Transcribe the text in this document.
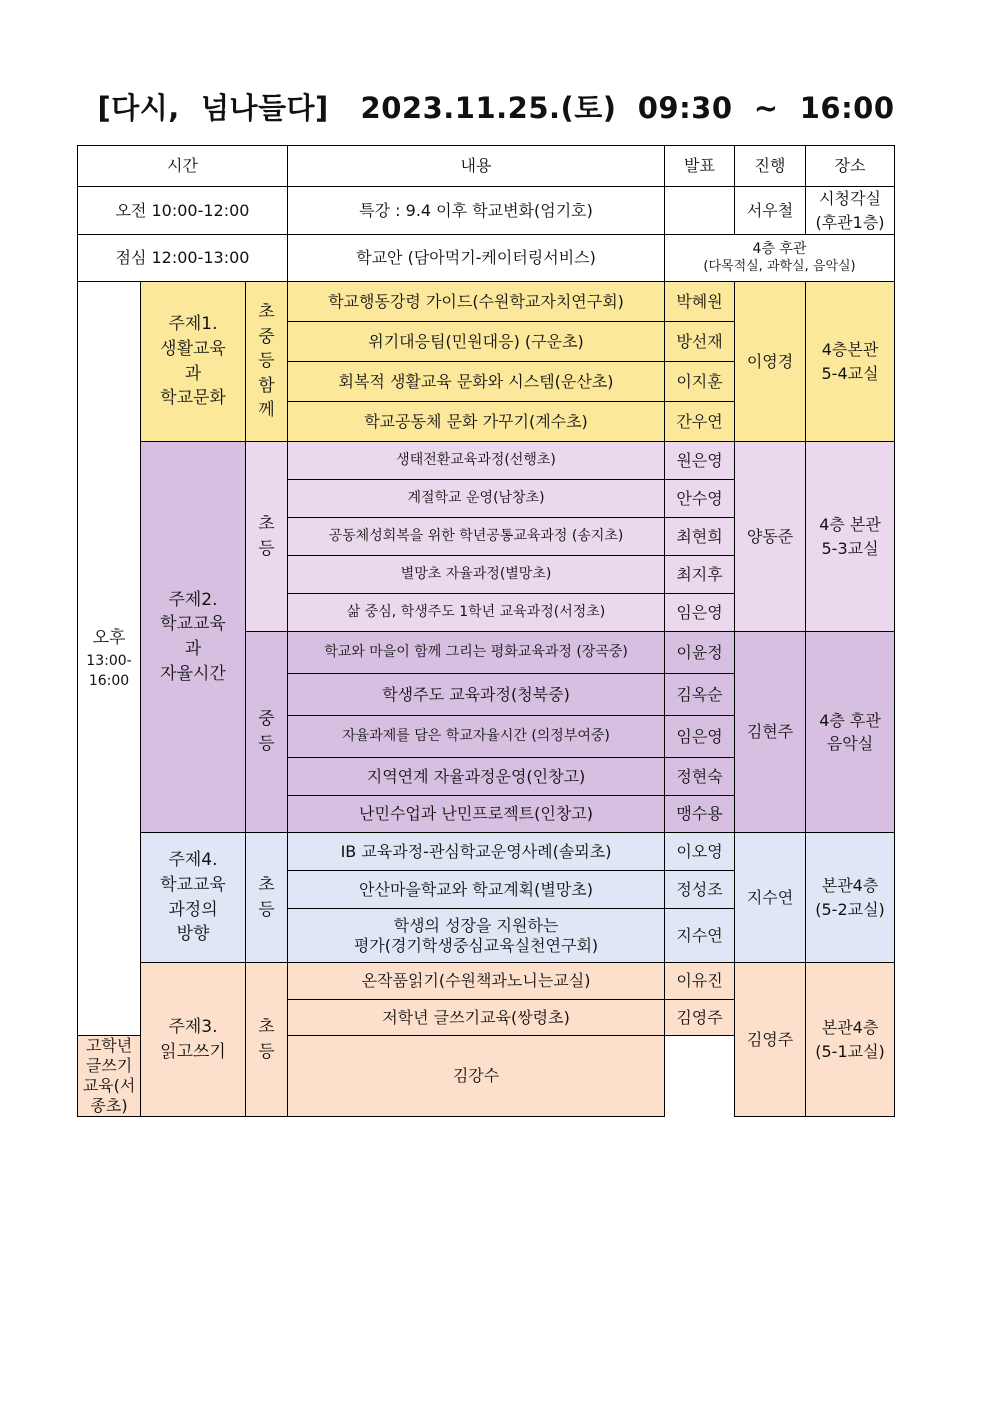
[다시,  넘나들다]   2023.11.25.(토)  09:30  ~  16:00
시간			내용	발표	진행	장소
오전 10:00-12:00			특강 : 9.4 이후 학교변화(엄기호)		서우철	시청각실
(후관1층)

점심 12:00-13:00			학교안 (담아먹기-케이터링서비스)	4층 후관
(다목적실, 과학실, 음악실)		

오후
13:00-
16:00	주제1.
생활교육
과
학교문화	초
중
등
함
께	학교행동강령 가이드(수원학교자치연구회)	박혜원	이영경	4층본관
5-4교실

			위기대응팀(민원대응) (구운초)	방선재		
			회복적 생활교육 문화와 시스템(운산초)	이지훈		
			학교공동체 문화 가꾸기(계수초)	간우연		

	주제2.
학교교육
과
자율시간	초
등	생태전환교육과정(선행초)	원은영	양동준	4층 본관
5-3교실

			계절학교 운영(남창초)	안수영		
			공동체성회복을 위한 학년공통교육과정 (송지초)	최현희		
			별망초 자율과정(별망초)	최지후		
			삶 중심, 학생주도 1학년 교육과정(서정초)	임은영		

		중
등	학교와 마을이 함께 그리는 평화교육과정 (장곡중)	이윤정	김현주	4층 후관
음악실

			학생주도 교육과정(청북중)	김옥순		
			자율과제를 담은 학교자율시간 (의정부여중)	임은영		
			지역연계 자율과정운영(인창고)	정현숙		
			난민수업과 난민프로젝트(인창고)	맹수용		

	주제4.
학교교육
과정의
방향	초
등	IB 교육과정-관심학교운영사례(솔뫼초)	이오영	지수연	본관4층
(5-2교실)

			안산마을학교와 학교계획(별망초)	정성조		

			학생의 성장을 지원하는
평가(경기학생중심교육실천연구회)	지수연		

	주제3.
읽고쓰기	초
등	온작품읽기(수원책과노니는교실)	이유진	김영주	본관4층
(5-1교실)

			저학년 글쓰기교육(쌍령초)	김영주		
고학년 글쓰기교육(서종초)			김강수			
